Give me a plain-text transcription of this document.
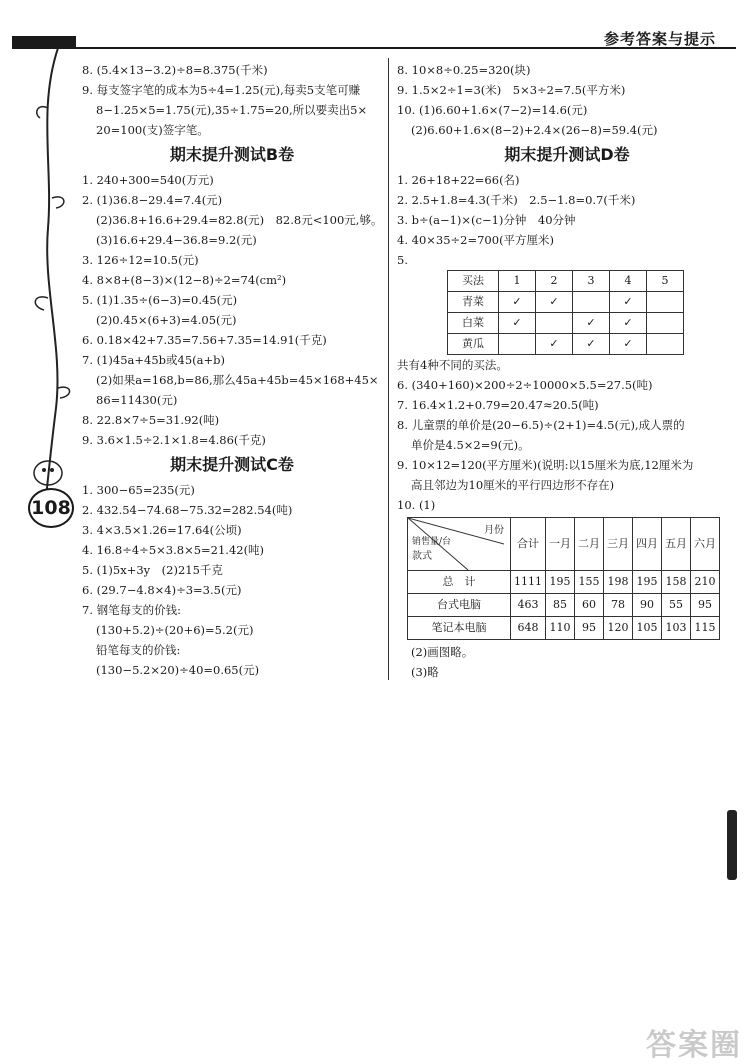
参考答案与提示
108
8. (5.4×13−3.2)÷8=8.375(千米)
9. 每支签字笔的成本为5÷4=1.25(元),每卖5支笔可赚
8−1.25×5=1.75(元),35÷1.75=20,所以要卖出5×
20=100(支)签字笔。
期末提升测试B卷
1. 240+300=540(万元)
2. (1)36.8−29.4=7.4(元)
(2)36.8+16.6+29.4=82.8(元)　82.8元<100元,够。
(3)16.6+29.4−36.8=9.2(元)
3. 126÷12=10.5(元)
4. 8×8+(8−3)×(12−8)÷2=74(cm²)
5. (1)1.35÷(6−3)=0.45(元)
(2)0.45×(6+3)=4.05(元)
6. 0.18×42+7.35=7.56+7.35=14.91(千克)
7. (1)45a+45b或45(a+b)
(2)如果a=168,b=86,那么45a+45b=45×168+45×
86=11430(元)
8. 22.8×7÷5=31.92(吨)
9. 3.6×1.5÷2.1×1.8=4.86(千克)
期末提升测试C卷
1. 300−65=235(元)
2. 432.54−74.68−75.32=282.54(吨)
3. 4×3.5×1.26=17.64(公顷)
4. 16.8÷4÷5×3.8×5=21.42(吨)
5. (1)5x+3y　(2)215千克
6. (29.7−4.8×4)÷3=3.5(元)
7. 钢笔每支的价钱:
(130+5.2)÷(20+6)=5.2(元)
铅笔每支的价钱:
(130−5.2×20)÷40=0.65(元)
8. 10×8÷0.25=320(块)
9. 1.5×2÷1=3(米)　5×3÷2=7.5(平方米)
10. (1)6.60+1.6×(7−2)=14.6(元)
(2)6.60+1.6×(8−2)+2.4×(26−8)=59.4(元)
期末提升测试D卷
1. 26+18+22=66(名)
2. 2.5+1.8=4.3(千米)　2.5−1.8=0.7(千米)
3. b÷(a−1)×(c−1)分钟　40分钟
4. 40×35÷2=700(平方厘米)
5.
买法	1	2	3	4	5
青菜	✓	✓		✓	
白菜	✓		✓	✓	
黄瓜		✓	✓	✓	
共有4种不同的买法。
6. (340+160)×200÷2÷10000×5.5=27.5(吨)
7. 16.4×1.2+0.79=20.47≈20.5(吨)
8. 儿童票的单价是(20−6.5)÷(2+1)=4.5(元),成人票的
单价是4.5×2=9(元)。
9. 10×12=120(平方厘米)(说明:以15厘米为底,12厘米为
高且邻边为10厘米的平行四边形不存在)
10. (1)
月份
销售量/台
款式	合计	一月	二月	三月	四月	五月	六月
总　计	1111	195	155	198	195	158	210
台式电脑	463	85	60	78	90	55	95
笔记本电脑	648	110	95	120	105	103	115
(2)画图略。
(3)略
答案圈
